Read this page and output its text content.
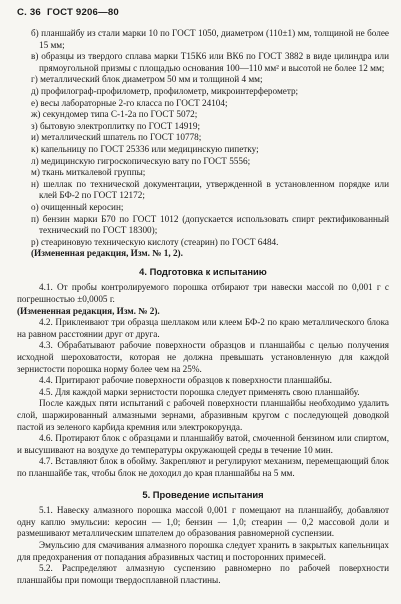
С. 36 ГОСТ 9206—80

б) планшайбу из стали марки 10 по ГОСТ 1050, диаметром (110±1) мм, толщиной не более 15 мм;

в) образцы из твердого сплава марки Т15К6 или ВК6 по ГОСТ 3882 в виде цилиндра или прямоугольной призмы с площадью основания 100—110 мм² и высотой не более 12 мм;

г) металлический блок диаметром 50 мм и толщиной 4 мм;

д) профилограф-профилометр, профилометр, микроинтерферометр;

е) весы лабораторные 2-го класса по ГОСТ 24104;

ж) секундомер типа С-1-2а по ГОСТ 5072;

з) бытовую электроплитку по ГОСТ 14919;

и) металлический шпатель по ГОСТ 10778;

к) капельницу по ГОСТ 25336 или медицинскую пипетку;

л) медицинскую гигроскопическую вату по ГОСТ 5556;

м) ткань миткалевой группы;

н) шеллак по технической документации, утвержденной в установленном порядке или клей БФ-2 по ГОСТ 12172;

о) очищенный керосин;

п) бензин марки Б70 по ГОСТ 1012 (допускается использовать спирт ректификованный технический по ГОСТ 18300);

р) стеариновую техническую кислоту (стеарин) по ГОСТ 6484.

(Измененная редакция, Изм. № 1, 2).

4. Подготовка к испытанию

4.1. От пробы контролируемого порошка отбирают три навески массой по 0,001 г с погрешностью ±0,0005 г.

(Измененная редакция, Изм. № 2).

4.2. Приклеивают три образца шеллаком или клеем БФ-2 по краю металлического блока на равном расстоянии друг от друга.

4.3. Обрабатывают рабочие поверхности образцов и планшайбы с целью получения исходной шероховатости, которая не должна превышать установленную для каждой зернистости порошка норму более чем на 25%.

4.4. Притирают рабочие поверхности образцов к поверхности планшайбы.

4.5. Для каждой марки зернистости порошка следует применять свою планшайбу.

После каждых пяти испытаний с рабочей поверхности планшайбы необходимо удалить слой, шаржированный алмазными зернами, абразивным кругом с последующей доводкой пастой из зеленого карбида кремния или электрокорунда.

4.6. Протирают блок с образцами и планшайбу ватой, смоченной бензином или спиртом, и высушивают на воздухе до температуры окружающей среды в течение 10 мин.

4.7. Вставляют блок в обойму. Закрепляют и регулируют механизм, перемещающий блок по планшайбе так, чтобы блок не доходил до края планшайбы на 5 мм.

5. Проведение испытания

5.1. Навеску алмазного порошка массой 0,001 г помещают на планшайбу, добавляют одну каплю эмульсии: керосин — 1,0; бензин — 1,0; стеарин — 0,2 массовой доли и размешивают металлическим шпателем до образования равномерной суспензии.

Эмульсию для смачивания алмазного порошка следует хранить в закрытых капельницах для предохранения от попадания абразивных частиц и посторонних примесей.

5.2. Распределяют алмазную суспензию равномерно по рабочей поверхности планшайбы при помощи твердосплавной пластины.
